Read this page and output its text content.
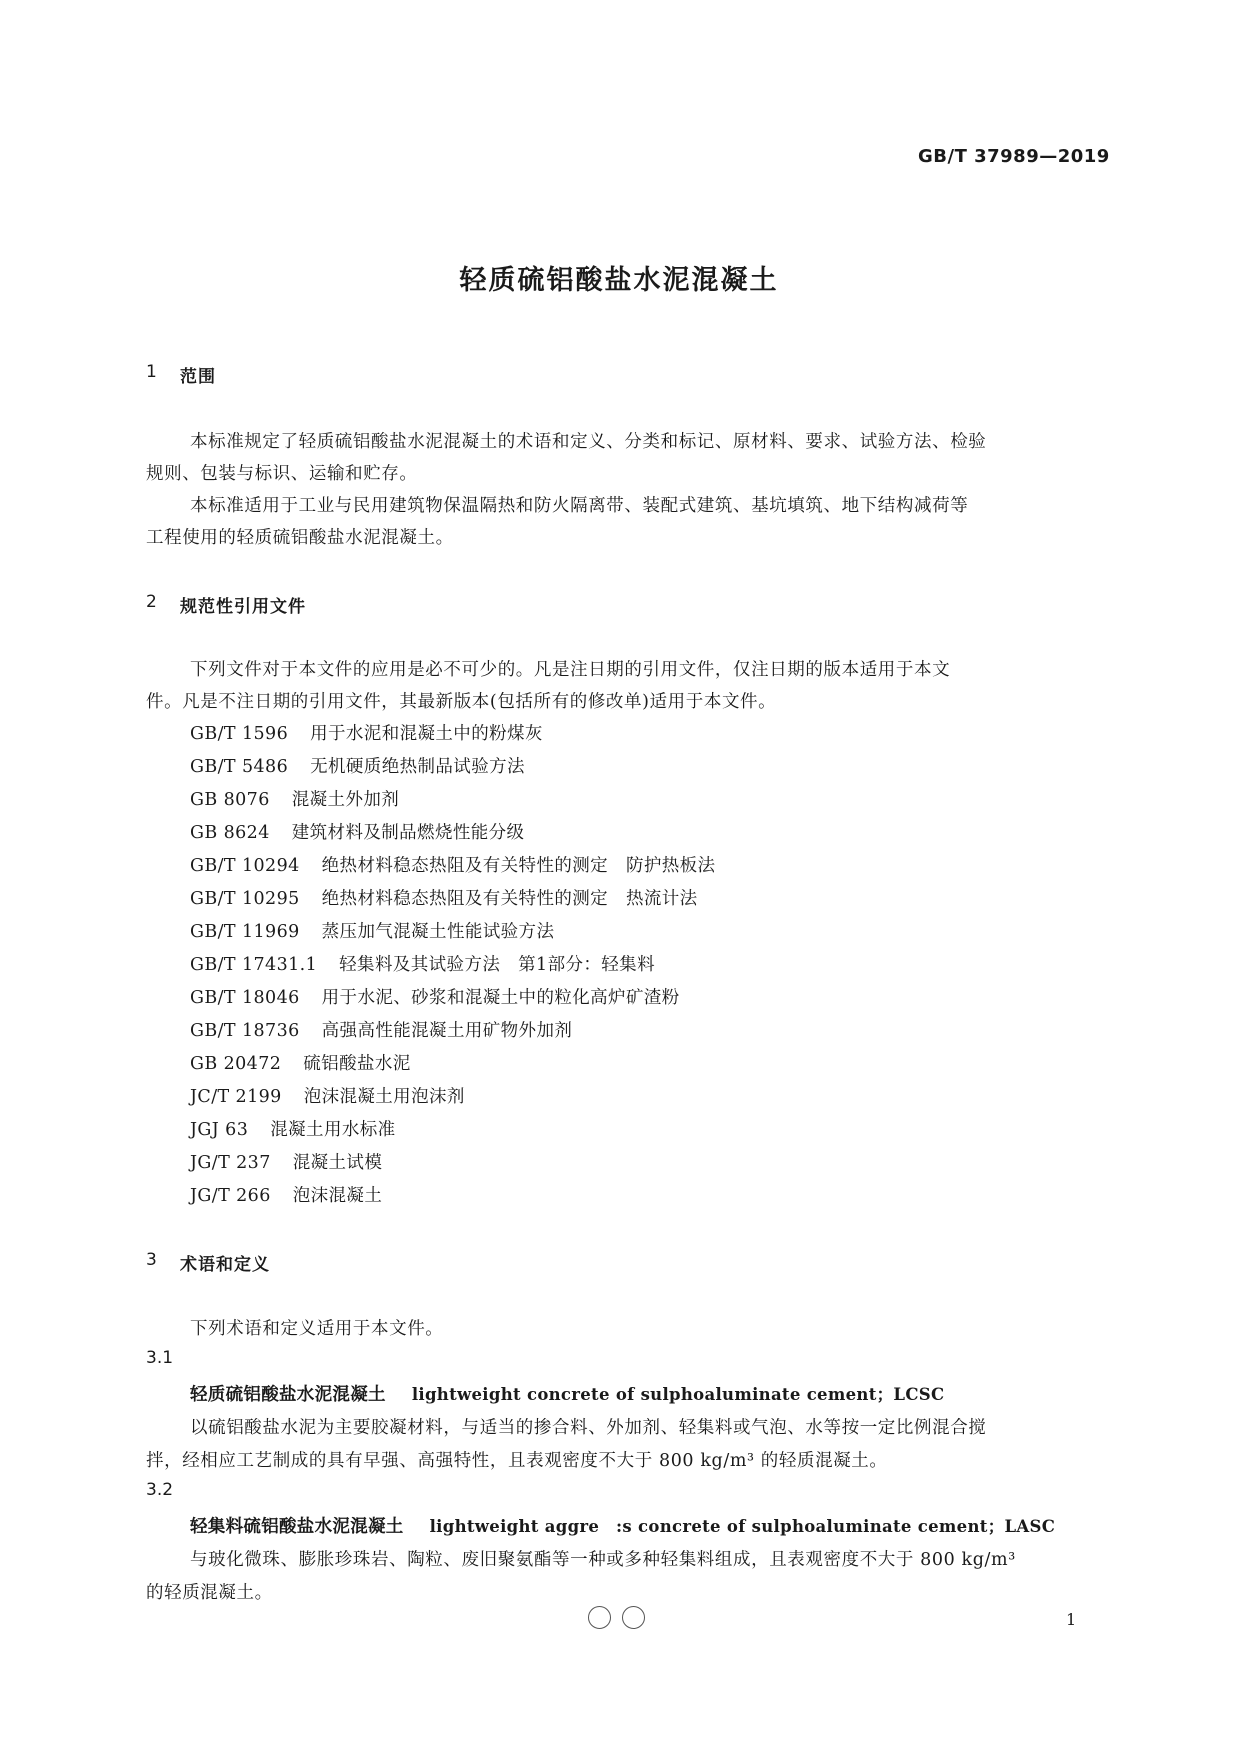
GB/T 37989—2019
轻质硫铝酸盐水泥混凝土
1 范围
本标准规定了轻质硫铝酸盐水泥混凝土的术语和定义、分类和标记、原材料、要求、试验方法、检验
规则、包装与标识、运输和贮存。
本标准适用于工业与民用建筑物保温隔热和防火隔离带、装配式建筑、基坑填筑、地下结构减荷等
工程使用的轻质硫铝酸盐水泥混凝土。
2 规范性引用文件
下列文件对于本文件的应用是必不可少的。凡是注日期的引用文件，仅注日期的版本适用于本文
件。凡是不注日期的引用文件，其最新版本(包括所有的修改单)适用于本文件。
GB/T 1596 用于水泥和混凝土中的粉煤灰
GB/T 5486 无机硬质绝热制品试验方法
GB 8076 混凝土外加剂
GB 8624 建筑材料及制品燃烧性能分级
GB/T 10294 绝热材料稳态热阻及有关特性的测定　防护热板法
GB/T 10295 绝热材料稳态热阻及有关特性的测定　热流计法
GB/T 11969 蒸压加气混凝土性能试验方法
GB/T 17431.1 轻集料及其试验方法　第1部分：轻集料
GB/T 18046 用于水泥、砂浆和混凝土中的粒化高炉矿渣粉
GB/T 18736 高强高性能混凝土用矿物外加剂
GB 20472 硫铝酸盐水泥
JC/T 2199 泡沫混凝土用泡沫剂
JGJ 63 混凝土用水标准
JG/T 237 混凝土试模
JG/T 266 泡沫混凝土
3 术语和定义
下列术语和定义适用于本文件。
3.1
轻质硫铝酸盐水泥混凝土 lightweight concrete of sulphoaluminate cement；LCSC
以硫铝酸盐水泥为主要胶凝材料，与适当的掺合料、外加剂、轻集料或气泡、水等按一定比例混合搅
拌，经相应工艺制成的具有早强、高强特性，且表观密度不大于 800 kg/m³ 的轻质混凝土。
3.2
轻集料硫铝酸盐水泥混凝土 lightweight aggre　:s concrete of sulphoaluminate cement；LASC
与玻化微珠、膨胀珍珠岩、陶粒、废旧聚氨酯等一种或多种轻集料组成，且表观密度不大于 800 kg/m³
的轻质混凝土。
1
